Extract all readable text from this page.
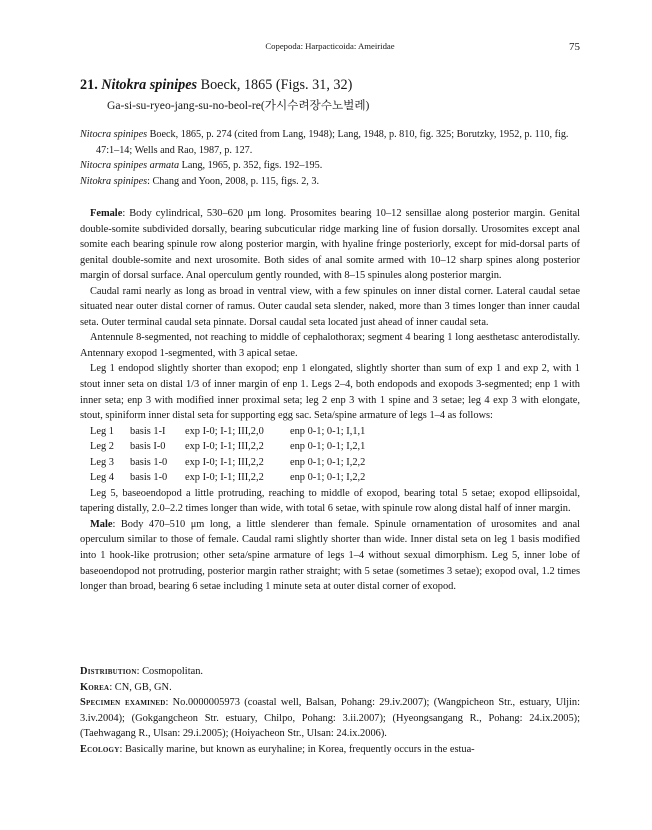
Copepoda: Harpacticoida: Ameiridae	75
21. Nitokra spinipes Boeck, 1865 (Figs. 31, 32)
Ga-si-su-ryeo-jang-su-no-beol-re(가시수려장수노벌레)

Nitocra spinipes Boeck, 1865, p. 274 (cited from Lang, 1948); Lang, 1948, p. 810, fig. 325; Borutzky, 1952, p. 110, fig. 47:1–14; Wells and Rao, 1987, p. 127.

Nitocra spinipes armata Lang, 1965, p. 352, figs. 192–195.

Nitokra spinipes: Chang and Yoon, 2008, p. 115, figs. 2, 3.

Female: Body cylindrical, 530–620 μm long. Prosomites bearing 10–12 sensillae along posterior margin. Genital double-somite subdivided dorsally, bearing subcuticular ridge marking line of fusion dorsally. Urosomites except anal somite each bearing spinule row along posterior margin, with hyaline fringe posteriorly, except for mid-dorsal parts of genital double-somite and next urosomite. Both sides of anal somite armed with 10–12 sharp spines along posterior margin of dorsal surface. Anal operculum gently rounded, with 8–15 spinules along posterior margin.

Caudal rami nearly as long as broad in ventral view, with a few spinules on inner distal corner. Lateral caudal setae situated near outer distal corner of ramus. Outer caudal seta slender, naked, more than 3 times longer than inner caudal seta. Outer terminal caudal seta pinnate. Dorsal caudal seta located just ahead of inner caudal seta.

Antennule 8-segmented, not reaching to middle of cephalothorax; segment 4 bearing 1 long aesthetasc anterodistally. Antennary exopod 1-segmented, with 3 apical setae.

Leg 1 endopod slightly shorter than exopod; enp 1 elongated, slightly shorter than sum of exp 1 and exp 2, with 1 stout inner seta on distal 1/3 of inner margin of enp 1. Legs 2–4, both endopods and exopods 3-segmented; enp 1 with inner seta; enp 3 with modified inner proximal seta; leg 2 enp 3 with 1 spine and 3 setae; leg 4 exp 3 with elongate, stout, spiniform inner distal seta for supporting egg sac. Seta/spine armature of legs 1–4 as follows:

Leg 1 basis 1-I exp I-0; I-1; III,2,0	enp 0-1; 0-1; I,1,1
Leg 2 basis I-0 exp I-0; I-1; III,2,2	enp 0-1; 0-1; I,2,1
Leg 3 basis 1-0 exp I-0; I-1; III,2,2	enp 0-1; 0-1; I,2,2
Leg 4 basis 1-0 exp I-0; I-1; III,2,2	enp 0-1; 0-1; I,2,2

Leg 5, baseoendopod a little protruding, reaching to middle of exopod, bearing total 5 setae; exopod ellipsoidal, tapering distally, 2.0–2.2 times longer than wide, with total 6 setae, with spinule row along distal half of inner margin.

Male: Body 470–510 μm long, a little slenderer than female. Spinule ornamentation of urosomites and anal operculum similar to those of female. Caudal rami slightly shorter than wide. Inner distal seta on leg 1 basis modified into 1 hook-like protrusion; other seta/spine armature of legs 1–4 without sexual dimorphism. Leg 5, inner lobe of baseoendopod not protruding, posterior margin rather straight; with 5 setae (sometimes 3 setae); exopod oval, 1.2 times longer than broad, bearing 6 setae including 1 minute seta at outer distal corner of exopod.

Distribution: Cosmopolitan.

Korea: CN, GB, GN.

Specimen examined: No.0000005973 (coastal well, Balsan, Pohang: 29.iv.2007); (Wangpicheon Str., estuary, Uljin: 3.iv.2004); (Gokgangcheon Str. estuary, Chilpo, Pohang: 3.ii.2007); (Hyeongsangang R., Pohang: 24.ix.2005); (Taehwagang R., Ulsan: 29.i.2005); (Hoiyacheon Str., Ulsan: 24.ix.2006).

Ecology: Basically marine, but known as euryhaline; in Korea, frequently occurs in the estua-
